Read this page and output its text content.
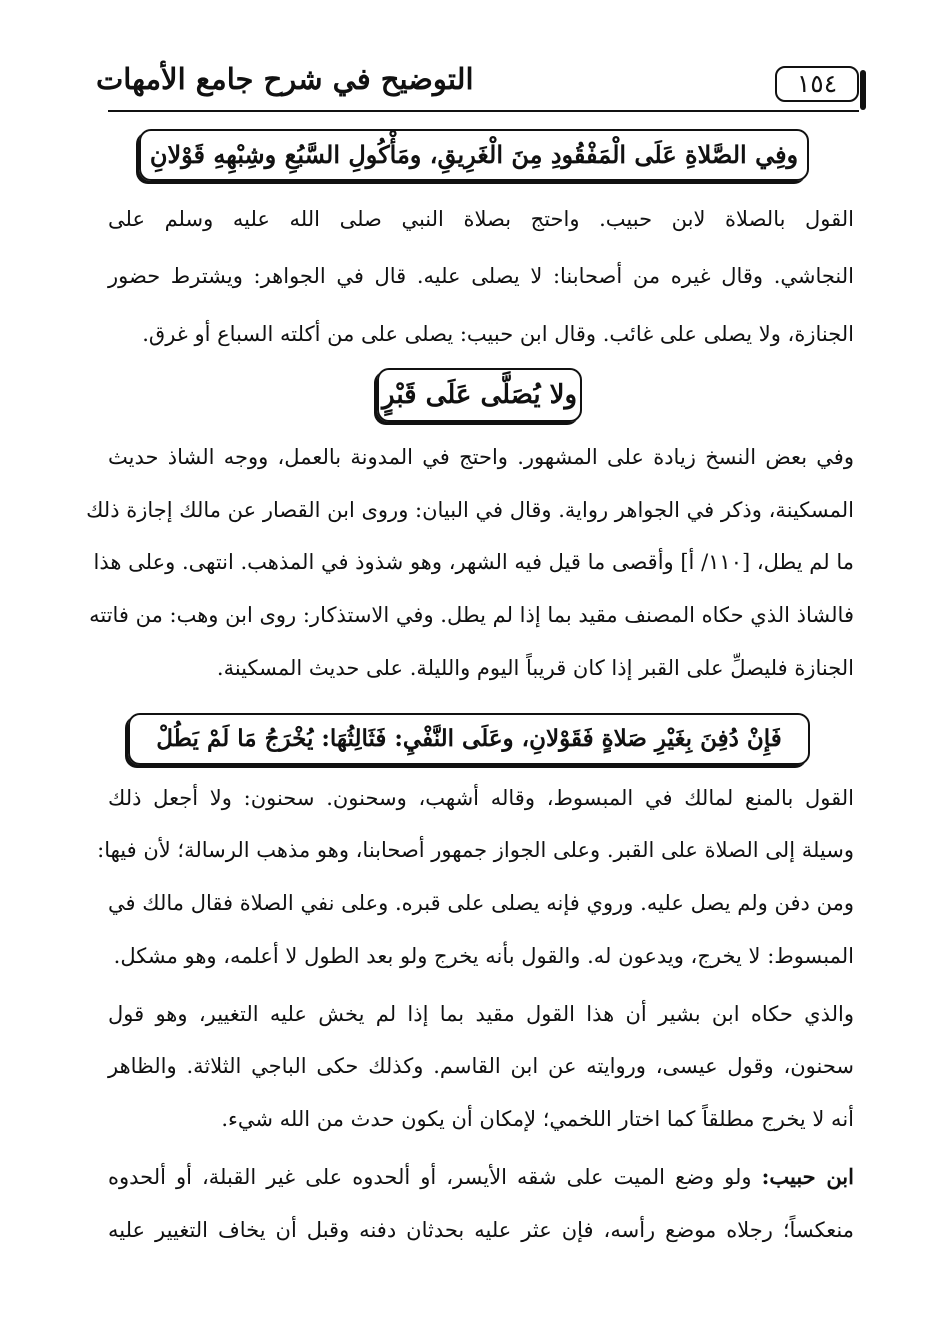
١٥٤
التوضيح في شرح جامع الأمهات
وفِي الصَّلاةِ عَلَى الْمَفْقُودِ مِنَ الْغَرِيقِ، ومَأْكُولِ السَّبُعِ وشِبْهِهِ قَوْلانِ
القول بالصلاة لابن حبيب. واحتج بصلاة النبي صلى الله عليه وسلم على
النجاشي. وقال غيره من أصحابنا: لا يصلى عليه. قال في الجواهر: ويشترط حضور
الجنازة، ولا يصلى على غائب. وقال ابن حبيب: يصلى على من أكلته السباع أو غرق.
ولا يُصَلَّى عَلَى قَبْرٍ
وفي بعض النسخ زيادة على المشهور. واحتج في المدونة بالعمل، ووجه الشاذ حديث
المسكينة، وذكر في الجواهر رواية. وقال في البيان: وروى ابن القصار عن مالك إجازة ذلك
ما لم يطل، [١١٠/ أ] وأقصى ما قيل فيه الشهر، وهو شذوذ في المذهب. انتهى. وعلى هذا
فالشاذ الذي حكاه المصنف مقيد بما إذا لم يطل. وفي الاستذكار: روى ابن وهب: من فاتته
الجنازة فليصلِّ على القبر إذا كان قريباً اليوم والليلة. على حديث المسكينة.
فَإِنْ دُفِنَ بِغَيْرِ صَلاةٍ فَقَوْلانِ، وعَلَى النَّفْيِ: فَثَالِثُهَا: يُخْرَجُ مَا لَمْ يَطُلْ
القول بالمنع لمالك في المبسوط، وقاله أشهب، وسحنون. سحنون: ولا أجعل ذلك
وسيلة إلى الصلاة على القبر. وعلى الجواز جمهور أصحابنا، وهو مذهب الرسالة؛ لأن فيها:
ومن دفن ولم يصل عليه. وروي فإنه يصلى على قبره. وعلى نفي الصلاة فقال مالك في
المبسوط: لا يخرج، ويدعون له. والقول بأنه يخرج ولو بعد الطول لا أعلمه، وهو مشكل.
والذي حكاه ابن بشير أن هذا القول مقيد بما إذا لم يخش عليه التغيير، وهو قول
سحنون، وقول عيسى، وروايته عن ابن القاسم. وكذلك حكى الباجي الثلاثة. والظاهر
أنه لا يخرج مطلقاً كما اختار اللخمي؛ لإمكان أن يكون حدث من الله شيء.
ابن حبيب: ولو وضع الميت على شقه الأيسر، أو ألحدوه على غير القبلة، أو ألحدوه
منعكساً؛ رجلاه موضع رأسه، فإن عثر عليه بحدثان دفنه وقبل أن يخاف التغيير عليه
